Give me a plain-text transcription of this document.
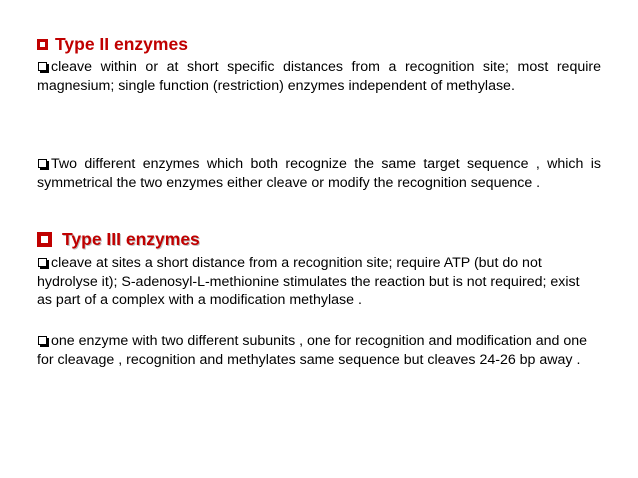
Type II enzymes
cleave within or at short specific distances from a recognition site; most require magnesium; single function (restriction) enzymes independent of methylase.
Two different enzymes which both recognize the same target sequence , which is symmetrical the two enzymes either cleave or modify the recognition sequence .
Type III enzymes
cleave at sites a short distance from a recognition site; require ATP (but do not hydrolyse it); S-adenosyl-L-methionine stimulates the reaction but is not required; exist as part of a complex with a modification methylase .
one enzyme with two different subunits , one for recognition and modification and one for cleavage , recognition and methylates same sequence but cleaves 24-26 bp away .
